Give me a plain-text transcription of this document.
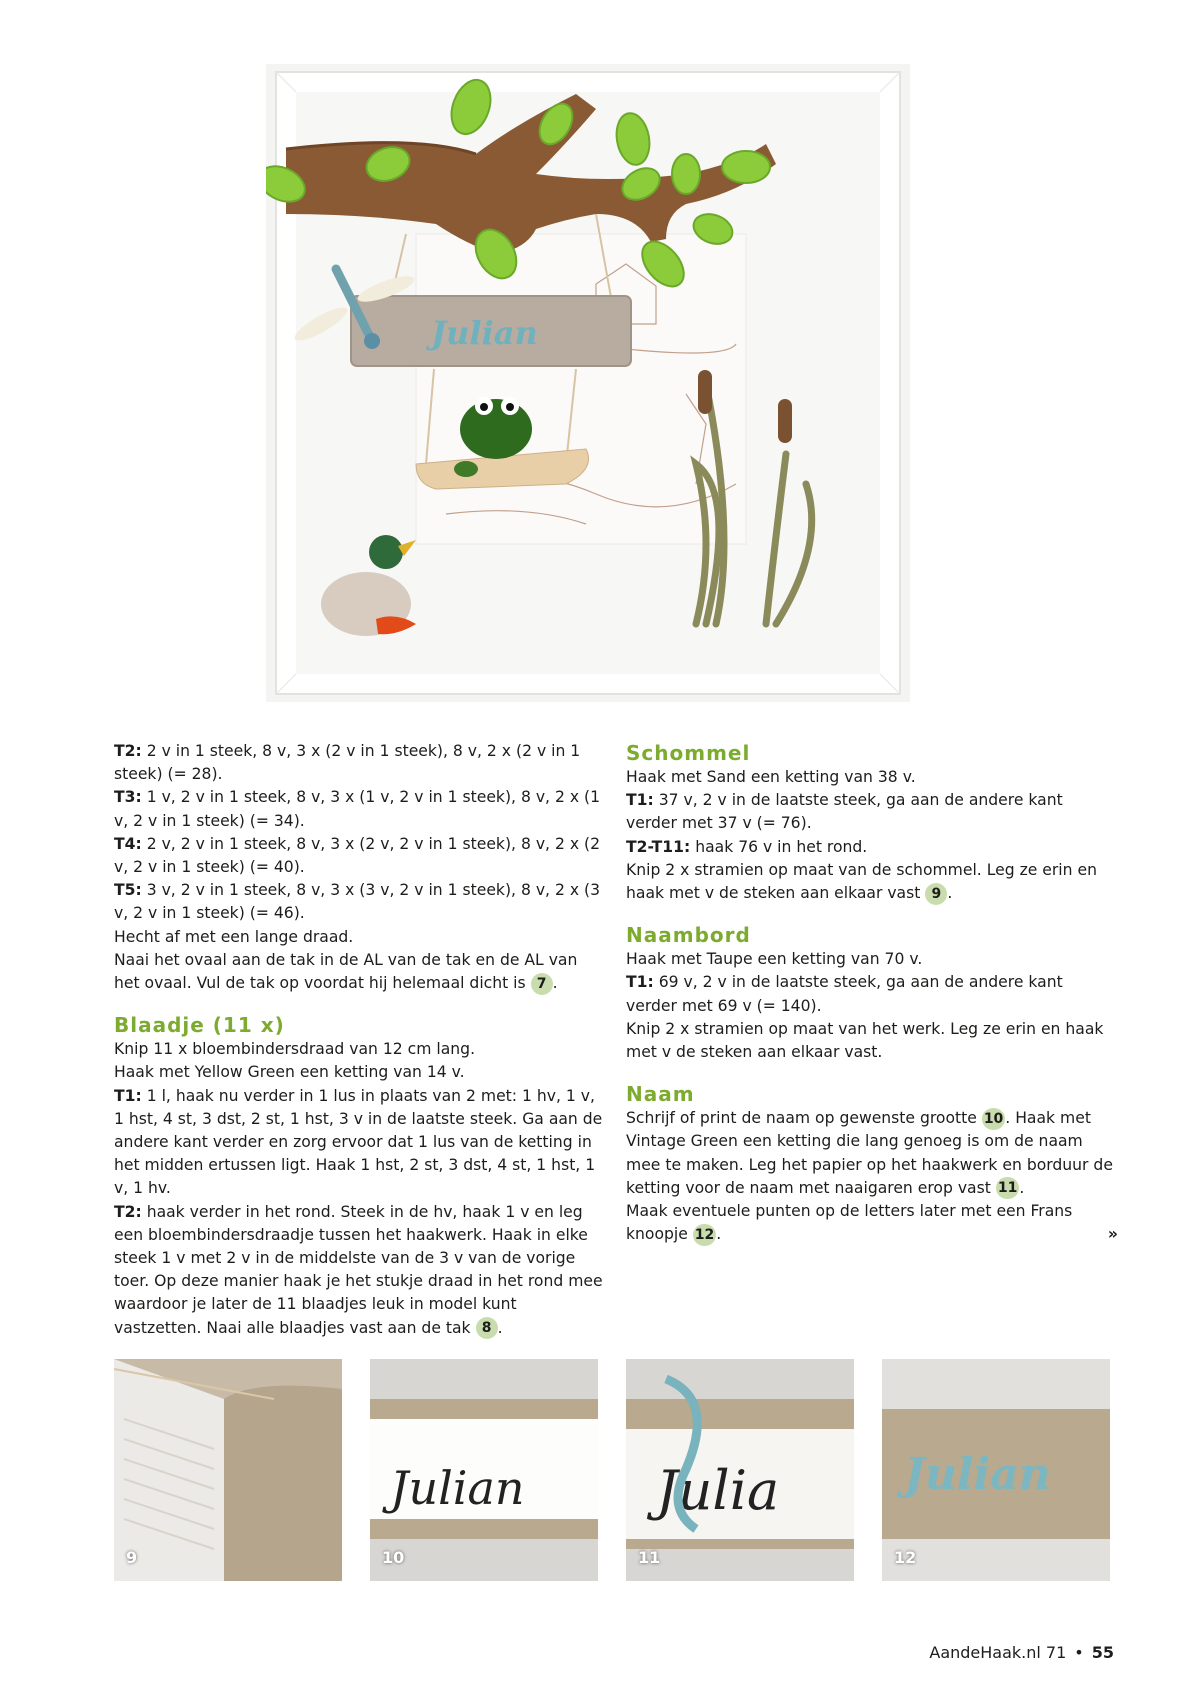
Julian

T2: 2 v in 1 steek, 8 v, 3 x (2 v in 1 steek), 8 v, 2 x (2 v in 1 steek) (= 28).

T3: 1 v, 2 v in 1 steek, 8 v, 3 x (1 v, 2 v in 1 steek), 8 v, 2 x (1 v, 2 v in 1 steek) (= 34).

T4: 2 v, 2 v in 1 steek, 8 v, 3 x (2 v, 2 v in 1 steek), 8 v, 2 x (2 v, 2 v in 1 steek) (= 40).

T5: 3 v, 2 v in 1 steek, 8 v, 3 x (3 v, 2 v in 1 steek), 8 v, 2 x (3 v, 2 v in 1 steek) (= 46).

Hecht af met een lange draad.

Naai het ovaal aan de tak in de AL van de tak en de AL van het ovaal. Vul de tak op voordat hij helemaal dicht is 7 .

Blaadje (11 x)

Knip 11 x bloembindersdraad van 12 cm lang.

Haak met Yellow Green een ketting van 14 v.

T1: 1 l, haak nu verder in 1 lus in plaats van 2 met: 1 hv, 1 v, 1 hst, 4 st, 3 dst, 2 st, 1 hst, 3 v in de laatste steek. Ga aan de andere kant verder en zorg ervoor dat 1 lus van de ketting in het midden ertussen ligt. Haak 1 hst, 2 st, 3 dst, 4 st, 1 hst, 1 v, 1 hv.

T2: haak verder in het rond. Steek in de hv, haak 1 v en leg een bloembindersdraadje tussen het haakwerk. Haak in elke steek 1 v met 2 v in de middelste van de 3 v van de vorige toer. Op deze manier haak je het stukje draad in het rond mee waardoor je later de 11 blaadjes leuk in model kunt vastzetten. Naai alle blaadjes vast aan de tak 8 .

Schommel

Haak met Sand een ketting van 38 v.

T1: 37 v, 2 v in de laatste steek, ga aan de andere kant verder met 37 v (= 76).

T2-T11: haak 76 v in het rond.

Knip 2 x stramien op maat van de schommel. Leg ze erin en haak met v de steken aan elkaar vast 9 .

Naambord

Haak met Taupe een ketting van 70 v.

T1: 69 v, 2 v in de laatste steek, ga aan de andere kant verder met 69 v (= 140).

Knip 2 x stramien op maat van het werk. Leg ze erin en haak met v de steken aan elkaar vast.

Naam

Schrijf of print de naam op gewenste grootte 10 . Haak met Vintage Green een ketting die lang genoeg is om de naam mee te maken. Leg het papier op het haakwerk en borduur de ketting voor de naam met naaigaren erop vast 11 .

Maak eventuele punten op de letters later met een Frans knoopje 12 .	»

9
Julian
10
Julia
11
Julian
12
AandeHaak.nl 71 • 55
